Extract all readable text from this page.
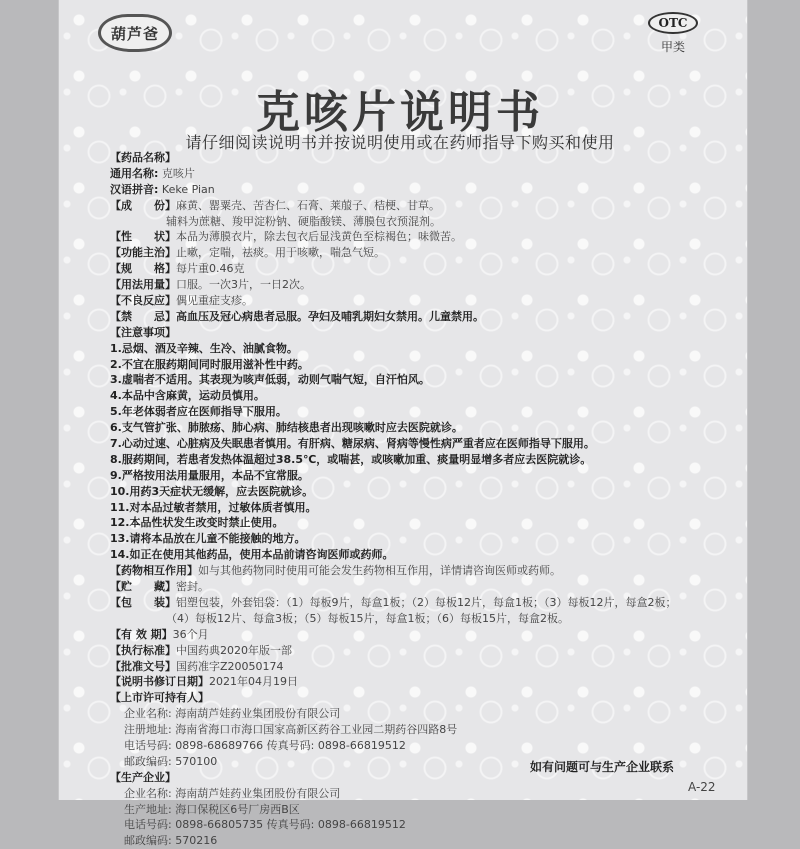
葫芦爸
OTC
甲类
克咳片说明书
请仔细阅读说明书并按说明使用或在药师指导下购买和使用
【药品名称】
通用名称: 克咳片
汉语拼音: Keke Pian
【成　　份】麻黄、罂粟壳、苦杏仁、石膏、莱菔子、桔梗、甘草。
辅料为蔗糖、羧甲淀粉钠、硬脂酸镁、薄膜包衣预混剂。
【性　　状】本品为薄膜衣片，除去包衣后显浅黄色至棕褐色；味微苦。
【功能主治】止嗽，定喘，祛痰。用于咳嗽，喘急气短。
【规　　格】每片重0.46克
【用法用量】口服。一次3片，一日2次。
【不良反应】偶见重症支疹。
【禁　　忌】高血压及冠心病患者忌服。孕妇及哺乳期妇女禁用。儿童禁用。
【注意事项】
1.忌烟、酒及辛辣、生冷、油腻食物。
2.不宜在服药期间同时服用滋补性中药。
3.虚喘者不适用。其表现为咳声低弱，动则气喘气短，自汗怕风。
4.本品中含麻黄，运动员慎用。
5.年老体弱者应在医师指导下服用。
6.支气管扩张、肺脓疡、肺心病、肺结核患者出现咳嗽时应去医院就诊。
7.心动过速、心脏病及失眠患者慎用。有肝病、糖尿病、肾病等慢性病严重者应在医师指导下服用。
8.服药期间，若患者发热体温超过38.5℃，或喘甚，或咳嗽加重、痰量明显增多者应去医院就诊。
9.严格按用法用量服用，本品不宜常服。
10.用药3天症状无缓解，应去医院就诊。
11.对本品过敏者禁用，过敏体质者慎用。
12.本品性状发生改变时禁止使用。
13.请将本品放在儿童不能接触的地方。
14.如正在使用其他药品，使用本品前请咨询医师或药师。
【药物相互作用】如与其他药物同时使用可能会发生药物相互作用，详情请咨询医师或药师。
【贮　　藏】密封。
【包　　装】铝塑包装，外套铝袋：（1）每板9片，每盒1板；（2）每板12片，每盒1板；（3）每板12片，每盒2板；
（4）每板12片、每盒3板；（5）每板15片，每盒1板；（6）每板15片，每盒2板。
【有 效 期】36个月
【执行标准】中国药典2020年版一部
【批准文号】国药准字Z20050174
【说明书修订日期】2021年04月19日
【上市许可持有人】
企业名称: 海南葫芦娃药业集团股份有限公司
注册地址: 海南省海口市海口国家高新区药谷工业园二期药谷四路8号
电话号码: 0898-68689766 传真号码: 0898-66819512
邮政编码: 570100
【生产企业】
企业名称: 海南葫芦娃药业集团股份有限公司
生产地址: 海口保税区6号厂房西B区
电话号码: 0898-66805735 传真号码: 0898-66819512
邮政编码: 570216
如有问题可与生产企业联系
A-22
